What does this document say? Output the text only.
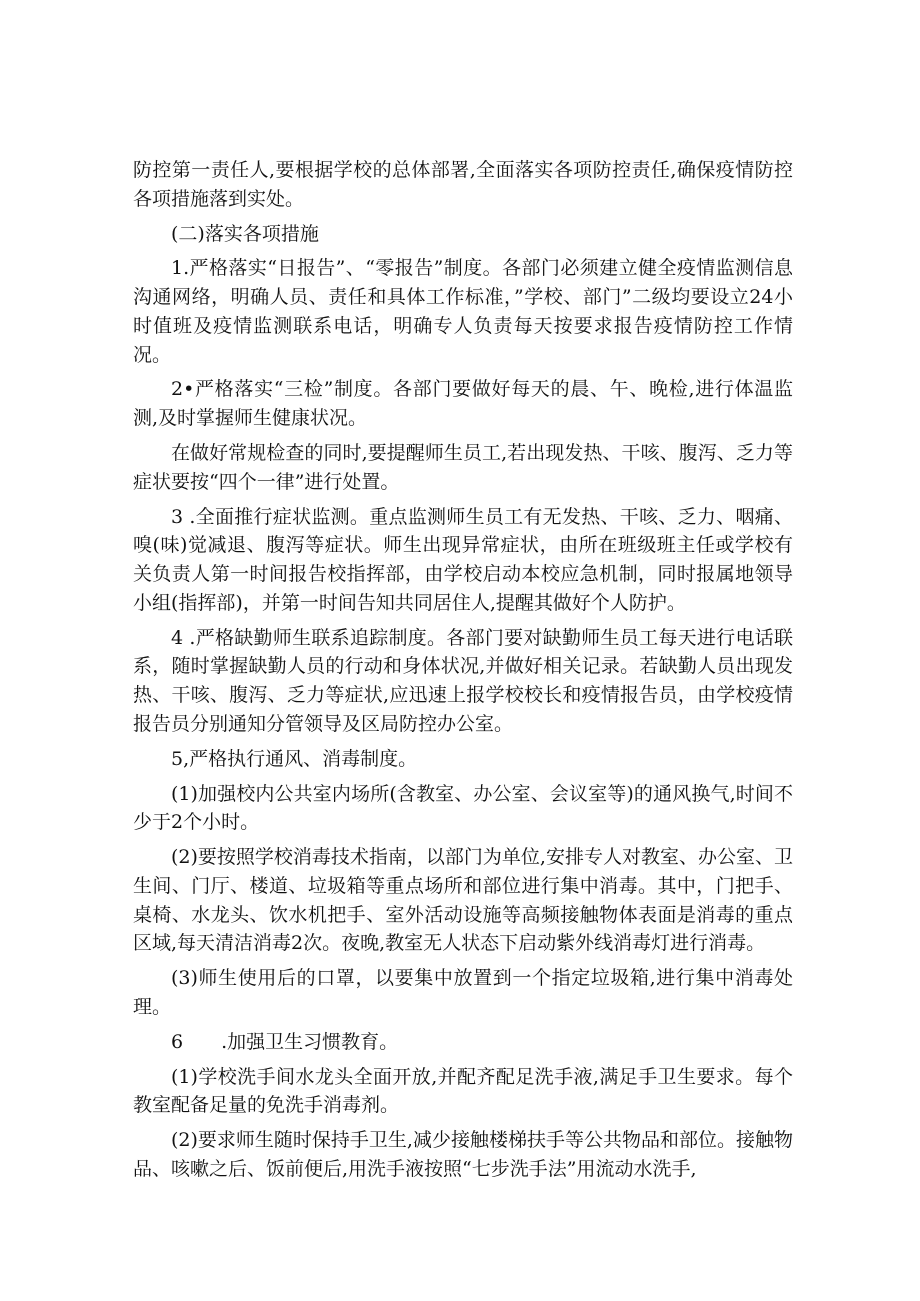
防控第一责任人,要根据学校的总体部署,全面落实各项防控责任,确保疫情防控各项措施落到实处。

(二)落实各项措施

1.严格落实“日报告”、“零报告”制度。各部门必须建立健全疫情监测信息沟通网络，明确人员、责任和具体工作标准，”学校、部门”二级均要设立24小时值班及疫情监测联系电话，明确专人负责每天按要求报告疫情防控工作情况。

2•严格落实“三检”制度。各部门要做好每天的晨、午、晚检,进行体温监测,及时掌握师生健康状况。

在做好常规检查的同时,要提醒师生员工,若出现发热、干咳、腹泻、乏力等症状要按“四个一律”进行处置。

3 .全面推行症状监测。重点监测师生员工有无发热、干咳、乏力、咽痛、嗅(味)觉减退、腹泻等症状。师生出现异常症状，由所在班级班主任或学校有关负责人第一时间报告校指挥部，由学校启动本校应急机制，同时报属地领导小组(指挥部)，并第一时间告知共同居住人,提醒其做好个人防护。

4 .严格缺勤师生联系追踪制度。各部门要对缺勤师生员工每天进行电话联系，随时掌握缺勤人员的行动和身体状况,并做好相关记录。若缺勤人员出现发热、干咳、腹泻、乏力等症状,应迅速上报学校校长和疫情报告员，由学校疫情报告员分别通知分管领导及区局防控办公室。

5,严格执行通风、消毒制度。

(1)加强校内公共室内场所(含教室、办公室、会议室等)的通风换气,时间不少于2个小时。

(2)要按照学校消毒技术指南，以部门为单位,安排专人对教室、办公室、卫生间、门厅、楼道、垃圾箱等重点场所和部位进行集中消毒。其中，门把手、桌椅、水龙头、饮水机把手、室外活动设施等高频接触物体表面是消毒的重点区域,每天清洁消毒2次。夜晚,教室无人状态下启动紫外线消毒灯进行消毒。

(3)师生使用后的口罩，以要集中放置到一个指定垃圾箱,进行集中消毒处理。

6　　.加强卫生习惯教育。

(1)学校洗手间水龙头全面开放,并配齐配足洗手液,满足手卫生要求。每个教室配备足量的免洗手消毒剂。

(2)要求师生随时保持手卫生,减少接触楼梯扶手等公共物品和部位。接触物品、咳嗽之后、饭前便后,用洗手液按照“七步洗手法”用流动水洗手,
